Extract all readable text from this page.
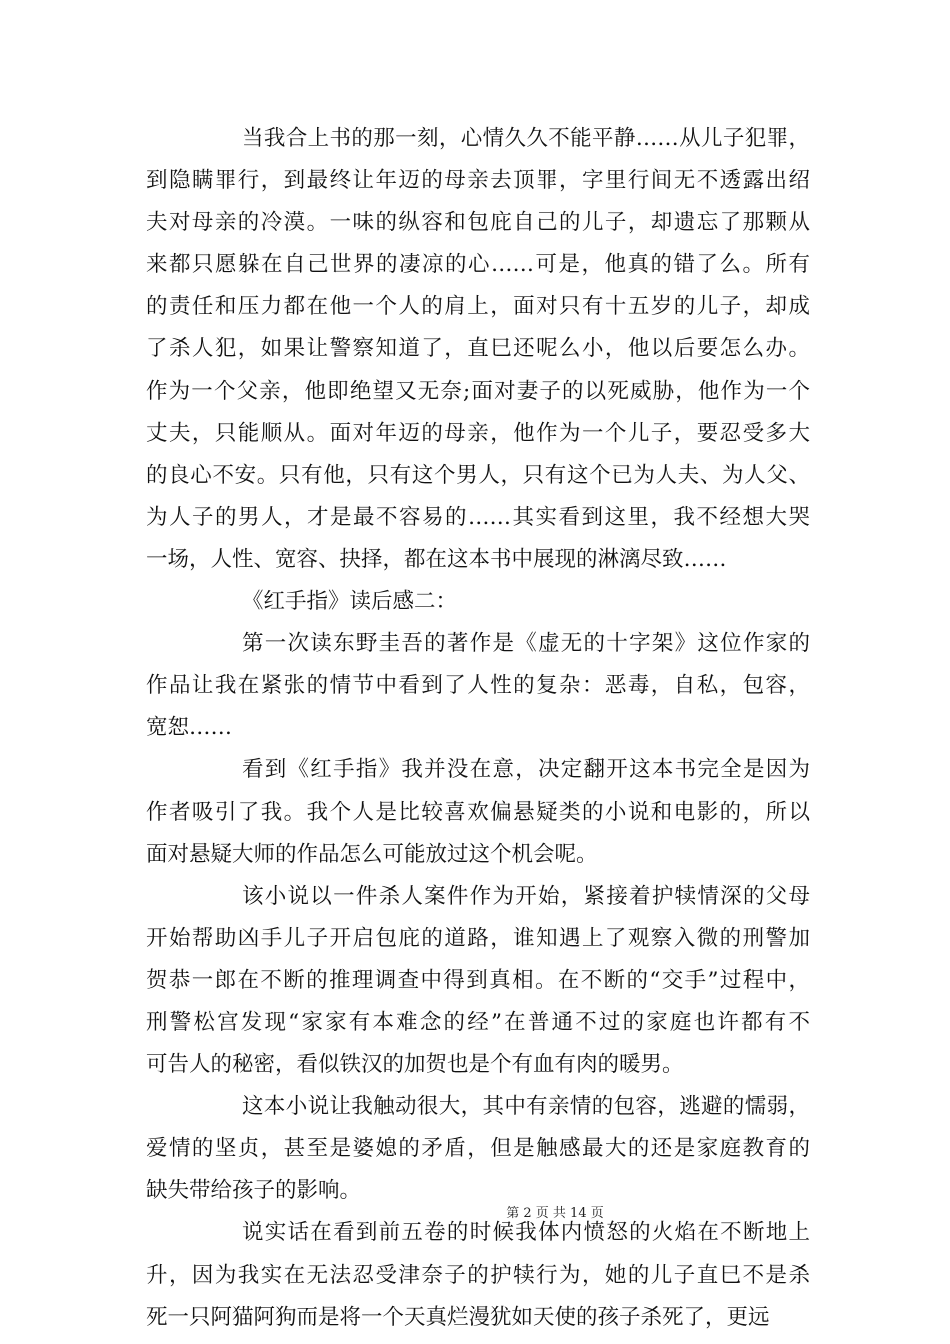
当我合上书的那一刻，心情久久不能平静……从儿子犯罪，
到隐瞒罪行，到最终让年迈的母亲去顶罪，字里行间无不透露出绍
夫对母亲的冷漠。一味的纵容和包庇自己的儿子，却遗忘了那颗从
来都只愿躲在自己世界的凄凉的心……可是，他真的错了么。所有
的责任和压力都在他一个人的肩上，面对只有十五岁的儿子，却成
了杀人犯，如果让警察知道了，直巳还呢么小，他以后要怎么办。
作为一个父亲，他即绝望又无奈;面对妻子的以死威胁，他作为一个
丈夫，只能顺从。面对年迈的母亲，他作为一个儿子，要忍受多大
的良心不安。只有他，只有这个男人，只有这个已为人夫、为人父、
为人子的男人，才是最不容易的……其实看到这里，我不经想大哭
一场，人性、宽容、抉择，都在这本书中展现的淋漓尽致……
《红手指》读后感二：
第一次读东野圭吾的著作是《虚无的十字架》这位作家的
作品让我在紧张的情节中看到了人性的复杂：恶毒，自私，包容，
宽恕……
看到《红手指》我并没在意，决定翻开这本书完全是因为
作者吸引了我。我个人是比较喜欢偏悬疑类的小说和电影的，所以
面对悬疑大师的作品怎么可能放过这个机会呢。
该小说以一件杀人案件作为开始，紧接着护犊情深的父母
开始帮助凶手儿子开启包庇的道路，谁知遇上了观察入微的刑警加
贺恭一郎在不断的推理调查中得到真相。在不断的“交手”过程中，
刑警松宫发现“家家有本难念的经”在普通不过的家庭也许都有不
可告人的秘密，看似铁汉的加贺也是个有血有肉的暖男。
这本小说让我触动很大，其中有亲情的包容，逃避的懦弱，
爱情的坚贞，甚至是婆媳的矛盾，但是触感最大的还是家庭教育的
缺失带给孩子的影响。
说实话在看到前五卷的时候我体内愤怒的火焰在不断地上
升，因为我实在无法忍受津奈子的护犊行为，她的儿子直巳不是杀
死一只阿猫阿狗而是将一个天真烂漫犹如天使的孩子杀死了，更远
第 2 页 共 14 页
